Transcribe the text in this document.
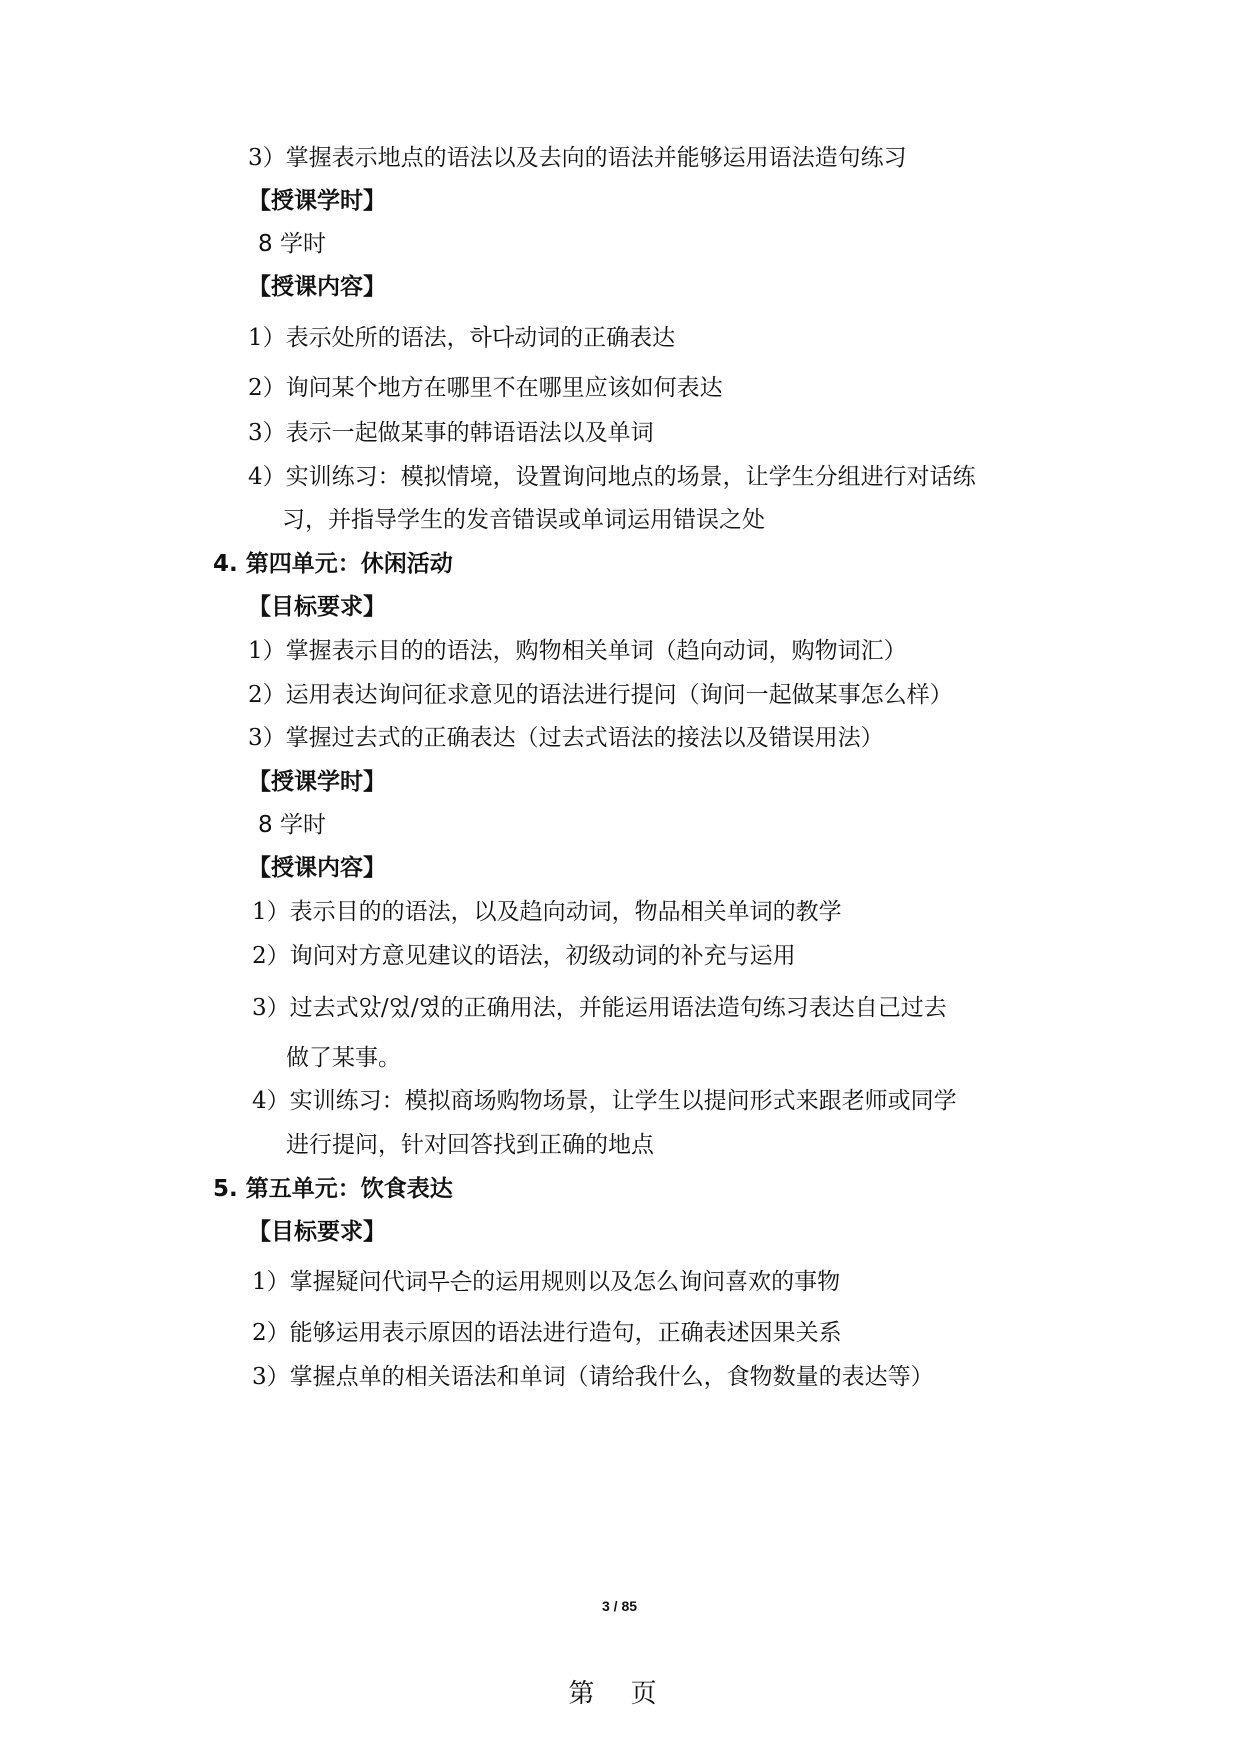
3）掌握表示地点的语法以及去向的语法并能够运用语法造句练习
【授课学时】
8 学时
【授课内容】
1）表示处所的语法，하다动词的正确表达
2）询问某个地方在哪里不在哪里应该如何表达
3）表示一起做某事的韩语语法以及单词
4）实训练习：模拟情境，设置询问地点的场景，让学生分组进行对话练
习，并指导学生的发音错误或单词运用错误之处
4. 第四单元：休闲活动
【目标要求】
1）掌握表示目的的语法，购物相关单词（趋向动词，购物词汇）
2）运用表达询问征求意见的语法进行提问（询问一起做某事怎么样）
3）掌握过去式的正确表达（过去式语法的接法以及错误用法）
【授课学时】
8 学时
【授课内容】
1）表示目的的语法，以及趋向动词，物品相关单词的教学
2）询问对方意见建议的语法，初级动词的补充与运用
3）过去式았/었/였的正确用法，并能运用语法造句练习表达自己过去
做了某事。
4）实训练习：模拟商场购物场景，让学生以提问形式来跟老师或同学
进行提问，针对回答找到正确的地点
5. 第五单元：饮食表达
【目标要求】
1）掌握疑问代词무슨的运用规则以及怎么询问喜欢的事物
2）能够运用表示原因的语法进行造句，正确表述因果关系
3）掌握点单的相关语法和单词（请给我什么，食物数量的表达等）
3 / 85
第 页
